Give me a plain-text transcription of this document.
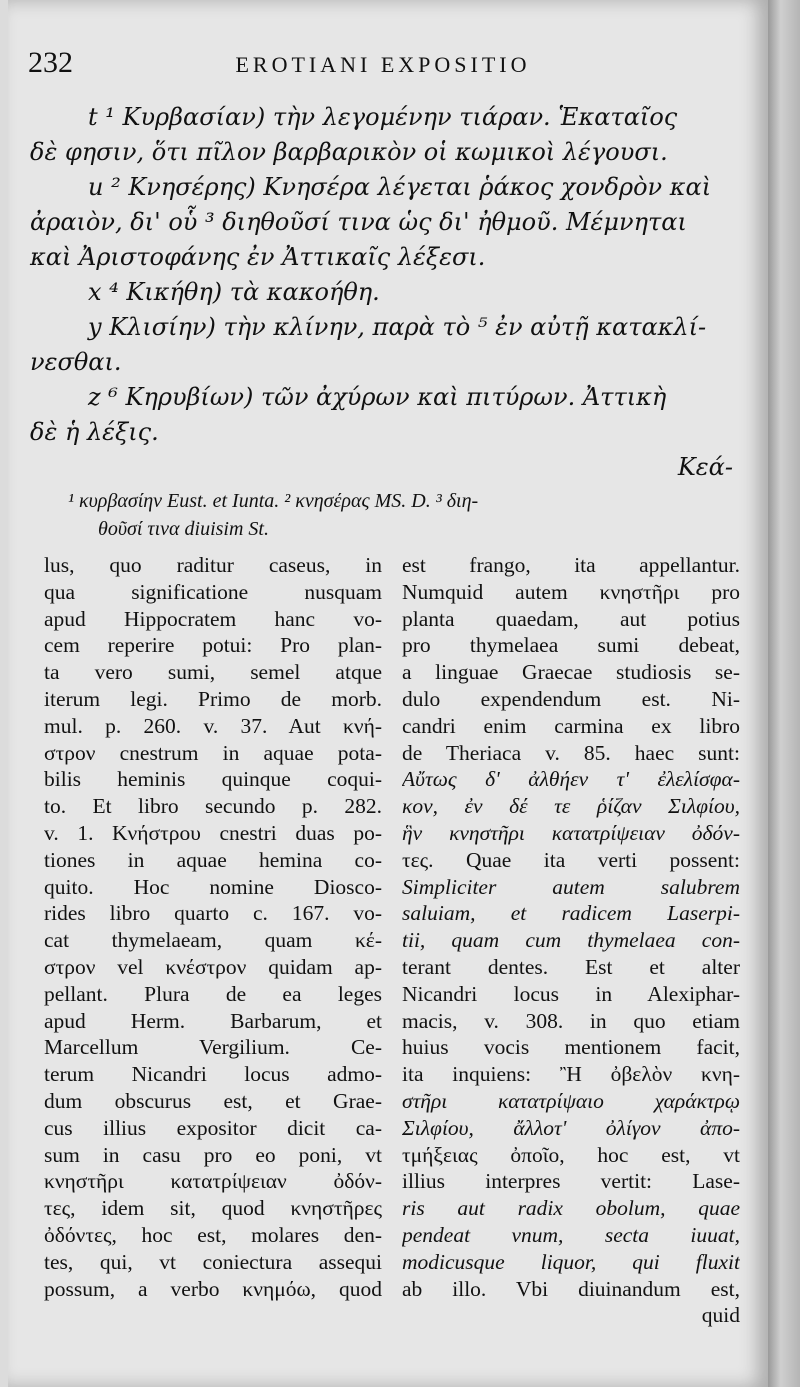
232	EROTIANI EXPOSITIO

t ¹ Κυρβασίαν) τὴν λεγομένην τιάραν. Ἑκαταῖος

δὲ φησιν, ὅτι πῖλον βαρβαρικὸν οἱ κωμικοὶ λέγουσι.

u ² Κνησέρης) Κνησέρα λέγεται ῥάκος χονδρὸν καὶ

ἀραιὸν, δι' οὗ ³ διηθοῦσί τινα ὡς δι' ἠθμοῦ. Μέμνηται

καὶ Ἀριστοφάνης ἐν Ἀττικαῖς λέξεσι.

x ⁴ Κικήθη) τὰ κακοήθη.

y Κλισίην) τὴν κλίνην, παρὰ τὸ ⁵ ἐν αὐτῇ κατακλί-

νεσθαι.

z ⁶ Κηρυβίων) τῶν ἀχύρων καὶ πιτύρων. Ἀττικὴ

δὲ ἡ λέξις.

Κεά-

¹ κυρβασίην Eust. et Iunta. ² κνησέρας MS. D. ³ διη-

θοῦσί τινα diuisim St.

lus, quo raditur caseus, in
qua significatione nusquam
apud Hippocratem hanc vo-
cem reperire potui: Pro plan-
ta vero sumi, semel atque
iterum legi. Primo de morb.
mul. p. 260. v. 37. Aut κνή-
στρον cnestrum in aquae pota-
bilis heminis quinque coqui-
to. Et libro secundo p. 282.
v. 1. Κνήστρου cnestri duas po-
tiones in aquae hemina co-
quito. Hoc nomine Dioscο-
rides libro quarto c. 167. vo-
cat thymelaeam, quam κέ-
στρον vel κνέστρον quidam ap-
pellant. Plura de ea leges
apud Herm. Barbarum, et
Marcellum Vergilium. Ce-
terum Nicandri locus admo-
dum obscurus est, et Grae-
cus illius expositor dicit ca-
sum in casu pro eo poni, vt
κνηστῆρι κατατρίψειαν ὀδόν-
τες, idem sit, quod κνηστῆρες
ὀδόντες, hoc est, molares den-
tes, qui, vt coniectura assequi
possum, a verbo κνημόω, quod
est frango, ita appellantur.
Numquid autem κνηστῆρι pro
planta quaedam, aut potius
pro thymelaea sumi debeat,
a linguae Graecae studiosis se-
dulo expendendum est. Ni-
candri enim carmina ex libro
de Theriaca v. 85. haec sunt:
Αὔτως δ' ἀλθήεν τ' ἐλελίσφα-
κον, ἐν δέ τε ῥίζαν Σιλφίου,
ἣν κνηστῆρι κατατρίψειαν ὀδόν-
τες. Quae ita verti possent:
Simpliciter autem salubrem
saluiam, et radicem Laserpi-
tii, quam cum thymelaea con-
terant dentes. Est et alter
Nicandri locus in Alexiphar-
macis, v. 308. in quo etiam
huius vocis mentionem facit,
ita inquiens: Ἢ ὀβελὸν κνη-
στῆρι κατατρίψαιο χαράκτρῳ
Σιλφίου, ἄλλοτ' ὀλίγον ἀπο-
τμήξειας ὀποῖο, hoc est, vt
illius interpres vertit: Lase-
ris aut radix obolum, quae
pendeat vnum, secta iuuat,
modicusque liquor, qui fluxit
ab illo. Vbi diuinandum est,
quid
